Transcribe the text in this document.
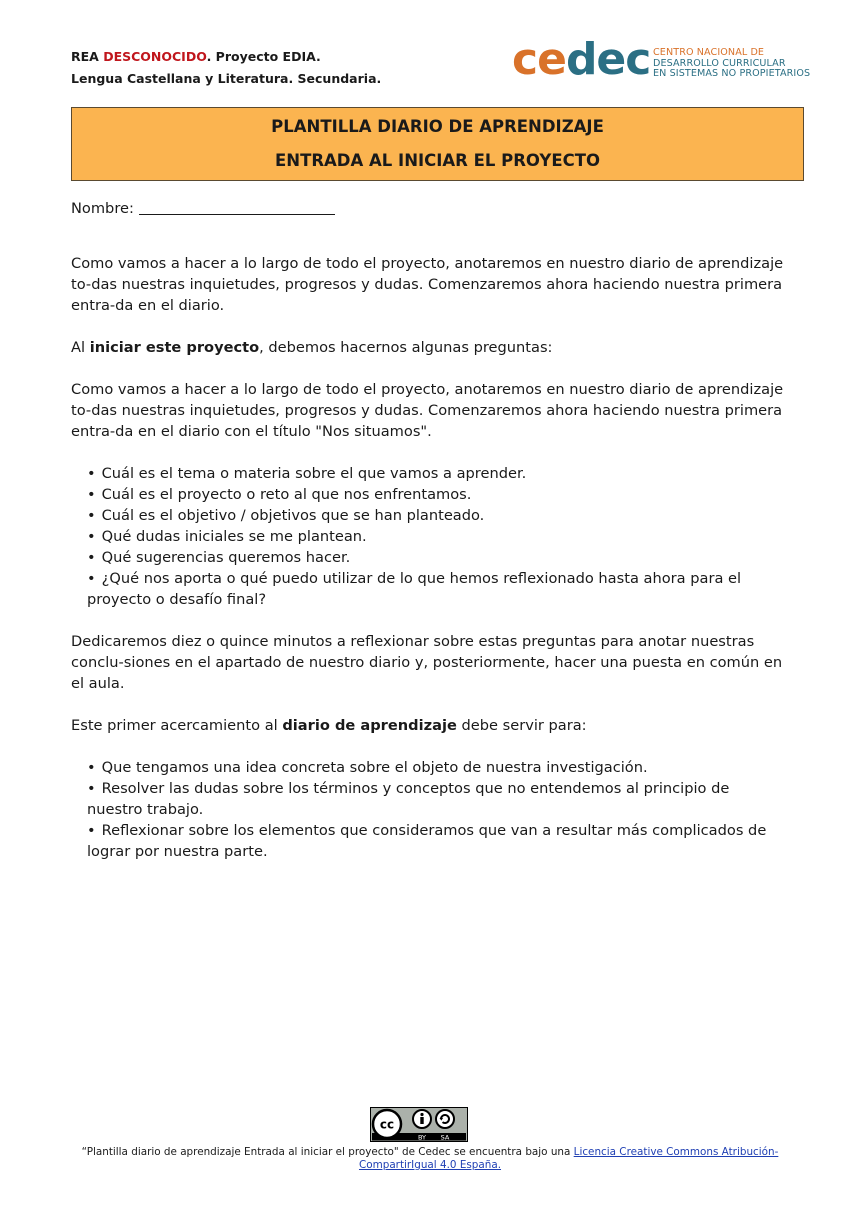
REA DESCONOCIDO. Proyecto EDIA.
Lengua Castellana y Literatura. Secundaria.	cedec CENTRO NACIONAL DE
DESARROLLO CURRICULAR
EN SISTEMAS NO PROPIETARIOS
PLANTILLA DIARIO DE APRENDIZAJE
ENTRADA AL INICIAR EL PROYECTO

Nombre:

Como vamos a hacer a lo largo de todo el proyecto, anotaremos en nuestro diario de aprendizaje to-das nuestras inquietudes, progresos y dudas. Comenzaremos ahora haciendo nuestra primera entra-da en el diario.

Al iniciar este proyecto, debemos hacernos algunas preguntas:

Como vamos a hacer a lo largo de todo el proyecto, anotaremos en nuestro diario de aprendizaje to-das nuestras inquietudes, progresos y dudas. Comenzaremos ahora haciendo nuestra primera entra-da en el diario con el título "Nos situamos".

• Cuál es el tema o materia sobre el que vamos a aprender.
• Cuál es el proyecto o reto al que nos enfrentamos.
• Cuál es el objetivo / objetivos que se han planteado.
• Qué dudas iniciales se me plantean.
• Qué sugerencias queremos hacer.
• ¿Qué nos aporta o qué puedo utilizar de lo que hemos reflexionado hasta ahora para el proyecto o desafío final?

Dedicaremos diez o quince minutos a reflexionar sobre estas preguntas para anotar nuestras conclu-siones en el apartado de nuestro diario y, posteriormente, hacer una puesta en común en el aula.

Este primer acercamiento al diario de aprendizaje debe servir para:

• Que tengamos una idea concreta sobre el objeto de nuestra investigación.
• Resolver las dudas sobre los términos y conceptos que no entendemos al principio de nuestro trabajo.
• Reflexionar sobre los elementos que consideramos que van a resultar más complicados de lograr por nuestra parte.
cc
BY SA
“Plantilla diario de aprendizaje Entrada al iniciar el proyecto" de Cedec se encuentra bajo una Licencia Creative Commons Atribución-CompartirIgual 4.0 España.
